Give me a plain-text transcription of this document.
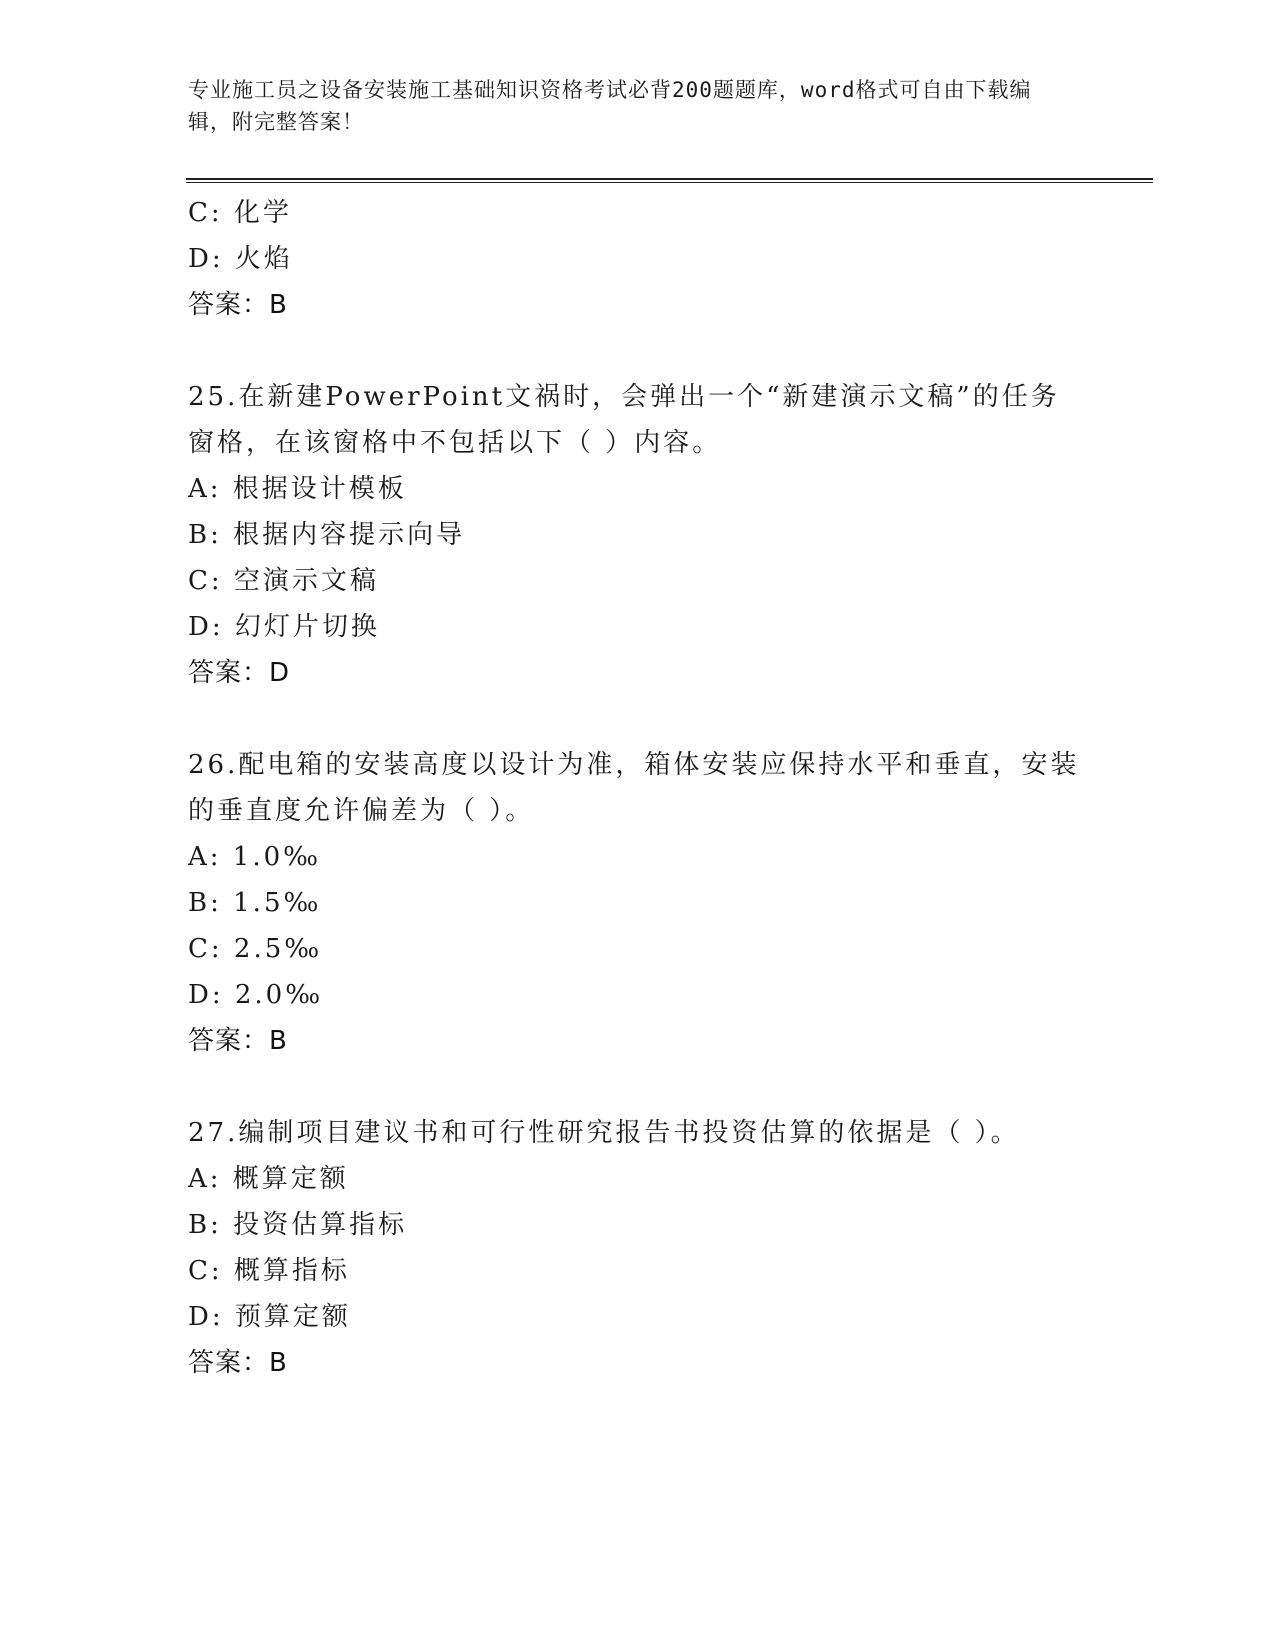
专业施工员之设备安装施工基础知识资格考试必背200题题库，word格式可自由下载编辑，附完整答案！
C: 化学
D: 火焰
答案：B
25.在新建PowerPoint文祸时，会弹出一个“新建演示文稿”的任务窗格，在该窗格中不包括以下（ ）内容。
A: 根据设计模板
B: 根据内容提示向导
C: 空演示文稿
D: 幻灯片切换
答案：D
26.配电箱的安装高度以设计为准，箱体安装应保持水平和垂直，安装的垂直度允许偏差为（ ）。
A: 1.0‰
B: 1.5‰
C: 2.5‰
D: 2.0‰
答案：B
27.编制项目建议书和可行性研究报告书投资估算的依据是（ ）。
A: 概算定额
B: 投资估算指标
C: 概算指标
D: 预算定额
答案：B
